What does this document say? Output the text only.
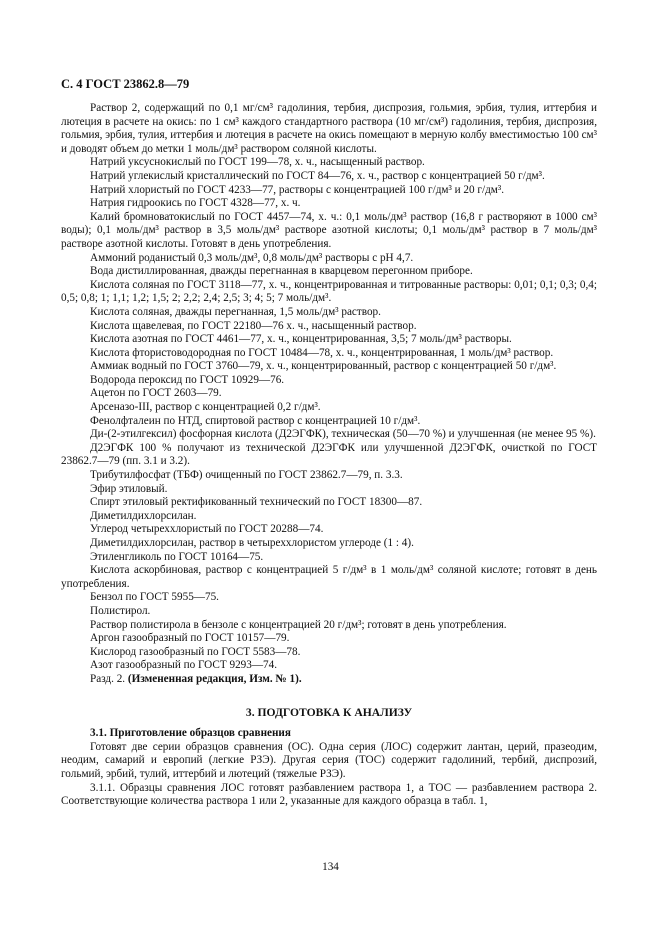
С. 4 ГОСТ 23862.8—79

Раствор 2, содержащий по 0,1 мг/см³ гадолиния, тербия, диспрозия, гольмия, эрбия, тулия, иттербия и лютеция в расчете на окись: по 1 см³ каждого стандартного раствора (10 мг/см³) гадолиния, тербия, диспрозия, гольмия, эрбия, тулия, иттербия и лютеция в расчете на окись помещают в мерную колбу вместимостью 100 см³ и доводят объем до метки 1 моль/дм³ раствором соляной кислоты.

Натрий уксуснокислый по ГОСТ 199—78, х. ч., насыщенный раствор.

Натрий углекислый кристаллический по ГОСТ 84—76, х. ч., раствор с концентрацией 50 г/дм³.

Натрий хлористый по ГОСТ 4233—77, растворы с концентрацией 100 г/дм³ и 20 г/дм³.

Натрия гидроокись по ГОСТ 4328—77, х. ч.

Калий бромноватокислый по ГОСТ 4457—74, х. ч.: 0,1 моль/дм³ раствор (16,8 г растворяют в 1000 см³ воды); 0,1 моль/дм³ раствор в 3,5 моль/дм³ растворе азотной кислоты; 0,1 моль/дм³ раствор в 7 моль/дм³ растворе азотной кислоты. Готовят в день употребления.

Аммоний роданистый 0,3 моль/дм³, 0,8 моль/дм³ растворы с pH 4,7.

Вода дистиллированная, дважды перегнанная в кварцевом перегонном приборе.

Кислота соляная по ГОСТ 3118—77, х. ч., концентрированная и титрованные растворы: 0,01; 0,1; 0,3; 0,4; 0,5; 0,8; 1; 1,1; 1,2; 1,5; 2; 2,2; 2,4; 2,5; 3; 4; 5; 7 моль/дм³.

Кислота соляная, дважды перегнанная, 1,5 моль/дм³ раствор.

Кислота щавелевая, по ГОСТ 22180—76 х. ч., насыщенный раствор.

Кислота азотная по ГОСТ 4461—77, х. ч., концентрированная, 3,5; 7 моль/дм³ растворы.

Кислота фтористоводородная по ГОСТ 10484—78, х. ч., концентрированная, 1 моль/дм³ раствор.

Аммиак водный по ГОСТ 3760—79, х. ч., концентрированный, раствор с концентрацией 50 г/дм³.

Водорода пероксид по ГОСТ 10929—76.

Ацетон по ГОСТ 2603—79.

Арсеназо-III, раствор с концентрацией 0,2 г/дм³.

Фенолфталеин по НТД, спиртовой раствор с концентрацией 10 г/дм³.

Ди-(2-этилгексил) фосфорная кислота (Д2ЭГФК), техническая (50—70 %) и улучшенная (не менее 95 %).

Д2ЭГФК 100 % получают из технической Д2ЭГФК или улучшенной Д2ЭГФК, очисткой по ГОСТ 23862.7—79 (пп. 3.1 и 3.2).

Трибутилфосфат (ТБФ) очищенный по ГОСТ 23862.7—79, п. 3.3.

Эфир этиловый.

Спирт этиловый ректификованный технический по ГОСТ 18300—87.

Диметилдихлорсилан.

Углерод четыреххлористый по ГОСТ 20288—74.

Диметилдихлорсилан, раствор в четыреххлористом углероде (1 : 4).

Этиленгликоль по ГОСТ 10164—75.

Кислота аскорбиновая, раствор с концентрацией 5 г/дм³ в 1 моль/дм³ соляной кислоте; готовят в день употребления.

Бензол по ГОСТ 5955—75.

Полистирол.

Раствор полистирола в бензоле с концентрацией 20 г/дм³; готовят в день употребления.

Аргон газообразный по ГОСТ 10157—79.

Кислород газообразный по ГОСТ 5583—78.

Азот газообразный по ГОСТ 9293—74.

Разд. 2. (Измененная редакция, Изм. № 1).

3. ПОДГОТОВКА К АНАЛИЗУ

3.1. Приготовление образцов сравнения

Готовят две серии образцов сравнения (ОС). Одна серия (ЛОС) содержит лантан, церий, празеодим, неодим, самарий и европий (легкие РЗЭ). Другая серия (ТОС) содержит гадолиний, тербий, диспрозий, гольмий, эрбий, тулий, иттербий и лютеций (тяжелые РЗЭ).

3.1.1. Образцы сравнения ЛОС готовят разбавлением раствора 1, а ТОС — разбавлением раствора 2. Соответствующие количества раствора 1 или 2, указанные для каждого образца в табл. 1,

134
